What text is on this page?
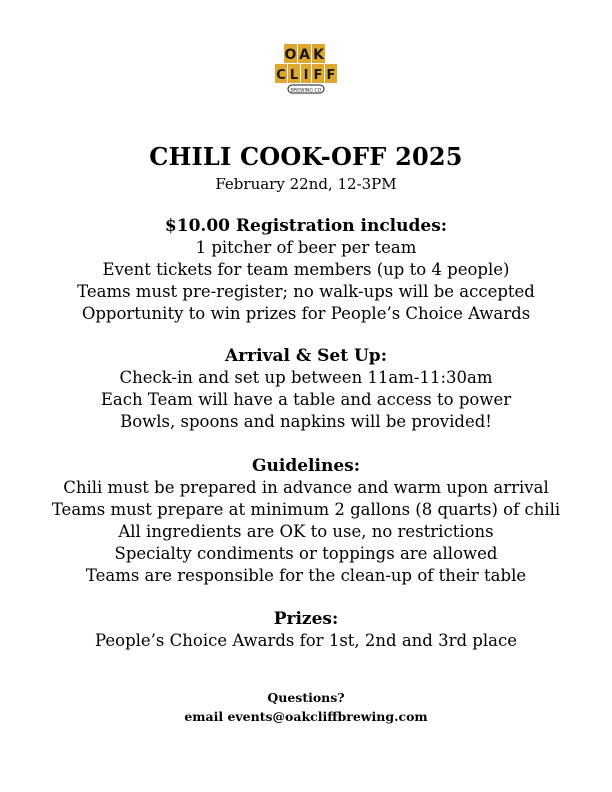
O A K
C L I F F
BREWING CO
CHILI COOK-OFF 2025
February 22nd, 12-3PM
$10.00 Registration includes:
1 pitcher of beer per team
Event tickets for team members (up to 4 people)
Teams must pre-register; no walk-ups will be accepted
Opportunity to win prizes for People’s Choice Awards
Arrival & Set Up:
Check-in and set up between 11am-11:30am
Each Team will have a table and access to power
Bowls, spoons and napkins will be provided!
Guidelines:
Chili must be prepared in advance and warm upon arrival
Teams must prepare at minimum 2 gallons (8 quarts) of chili
All ingredients are OK to use, no restrictions
Specialty condiments or toppings are allowed
Teams are responsible for the clean-up of their table
Prizes:
People’s Choice Awards for 1st, 2nd and 3rd place
Questions?
email events@oakcliffbrewing.com
